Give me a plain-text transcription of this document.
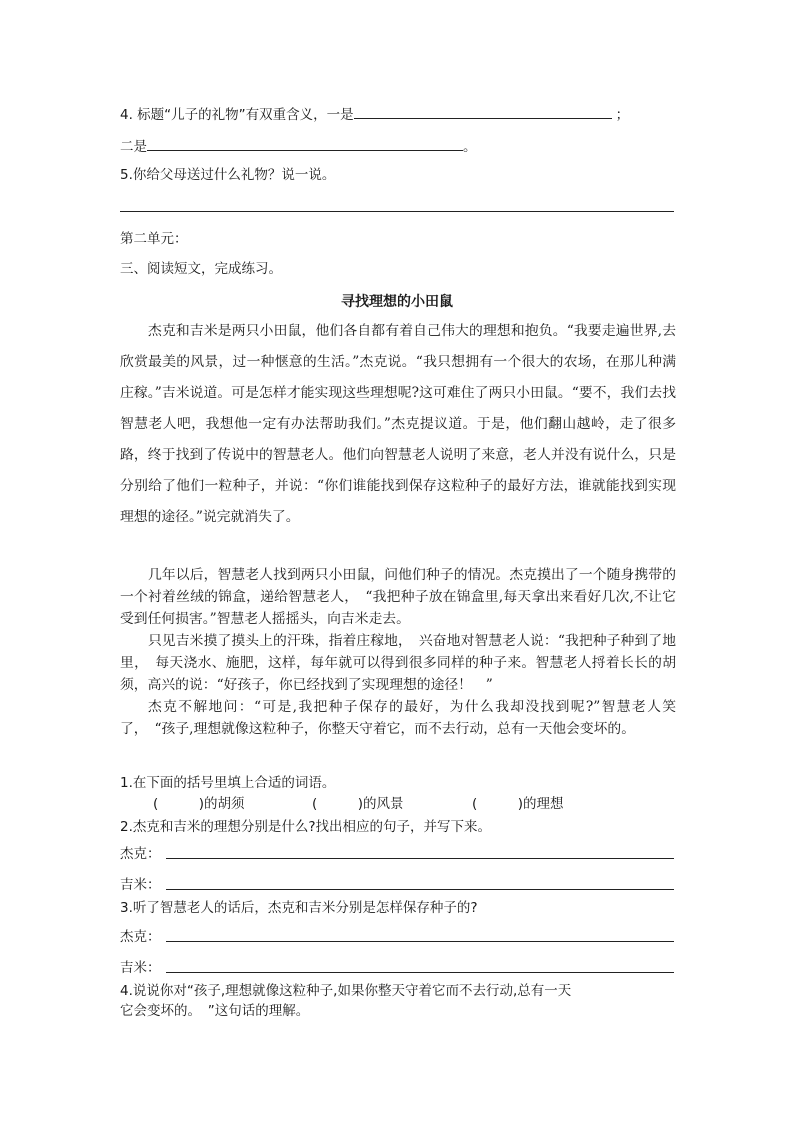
4. 标题“儿子的礼物”有双重含义，一是	；
二是	。
5.你给父母送过什么礼物？说一说。
第二单元：
三、阅读短文，完成练习。
寻找理想的小田鼠

杰克和吉米是两只小田鼠，他们各自都有着自己伟大的理想和抱负。“我要走遍世界,去欣赏最美的风景，过一种惬意的生活。”杰克说。“我只想拥有一个很大的农场，在那儿种满庄稼。”吉米说道。可是怎样才能实现这些理想呢?这可难住了两只小田鼠。“要不，我们去找智慧老人吧，我想他一定有办法帮助我们。”杰克提议道。于是，他们翻山越岭，走了很多路，终于找到了传说中的智慧老人。他们向智慧老人说明了来意，老人并没有说什么，只是分别给了他们一粒种子，并说：“你们谁能找到保存这粒种子的最好方法，谁就能找到实现理想的途径。”说完就消失了。

几年以后，智慧老人找到两只小田鼠，问他们种子的情况。杰克摸出了一个随身携带的一个衬着丝绒的锦盒，递给智慧老人，　“我把种子放在锦盒里,每天拿出来看好几次,不让它受到任何损害。”智慧老人摇摇头，向吉米走去。

只见吉米摸了摸头上的汗珠，指着庄稼地，　兴奋地对智慧老人说：“我把种子种到了地里，　每天浇水、施肥，这样，每年就可以得到很多同样的种子来。智慧老人捋着长长的胡须，高兴的说：“好孩子，你已经找到了实现理想的途径！　”

杰克不解地问：“可是,我把种子保存的最好，为什么我却没找到呢?”智慧老人笑了，　“孩子,理想就像这粒种子，你整天守着它，而不去行动，总有一天他会变坏的。

1.在下面的括号里填上合适的词语。
(　　　)的胡须	(　　　)的风景	(　　　)的理想
2.杰克和吉米的理想分别是什么?找出相应的句子，并写下来。
杰克：
吉米：
3.听了智慧老人的话后，杰克和吉米分别是怎样保存种子的?
杰克：
吉米：
4.说说你对“孩子,理想就像这粒种子,如果你整天守着它而不去行动,总有一天
它会变坏的。　”这句话的理解。
